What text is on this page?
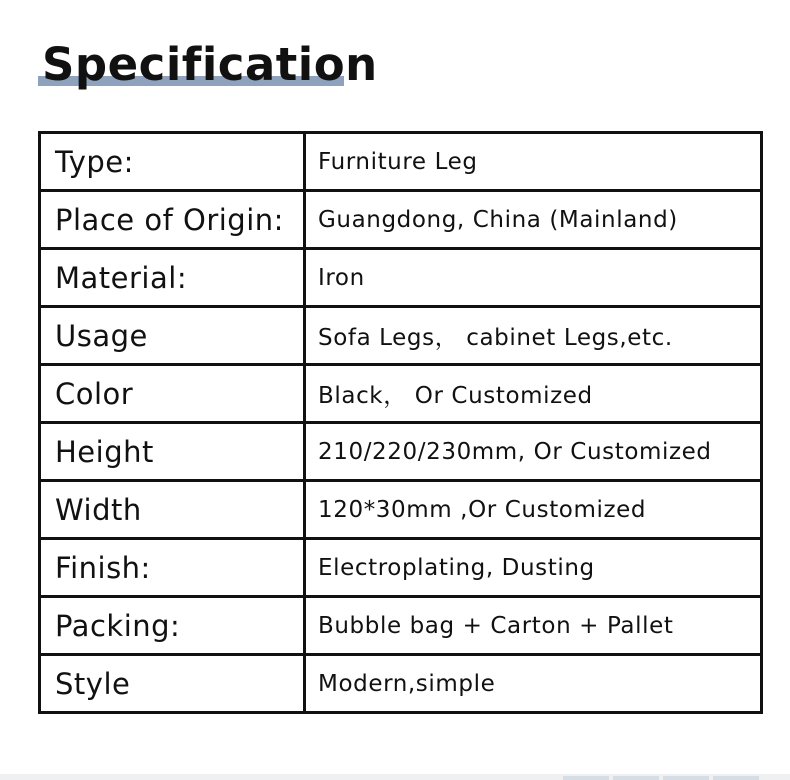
Specification
Type:	Furniture Leg
Place of Origin:	Guangdong, China (Mainland)
Material:	Iron
Usage	Sofa Legs， cabinet Legs,etc.
Color	Black， Or Customized
Height	210/220/230mm, Or Customized
Width	120*30mm ,Or Customized
Finish:	Electroplating, Dusting
Packing:	Bubble bag + Carton + Pallet
Style	Modern,simple
